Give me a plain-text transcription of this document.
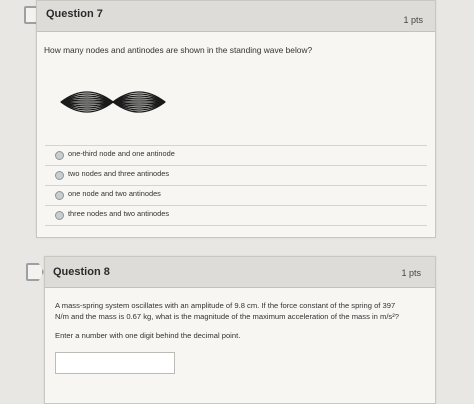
Question 7	1 pts
How many nodes and antinodes are shown in the standing wave below?
one-third node and one antinode
two nodes and three antinodes
one node and two antinodes
three nodes and two antinodes
Question 8	1 pts
A mass-spring system oscillates with an amplitude of 9.8 cm. If the force constant of the spring of 397
N/m and the mass is 0.67 kg, what is the magnitude of the maximum acceleration of the mass in m/s²?
Enter a number with one digit behind the decimal point.
